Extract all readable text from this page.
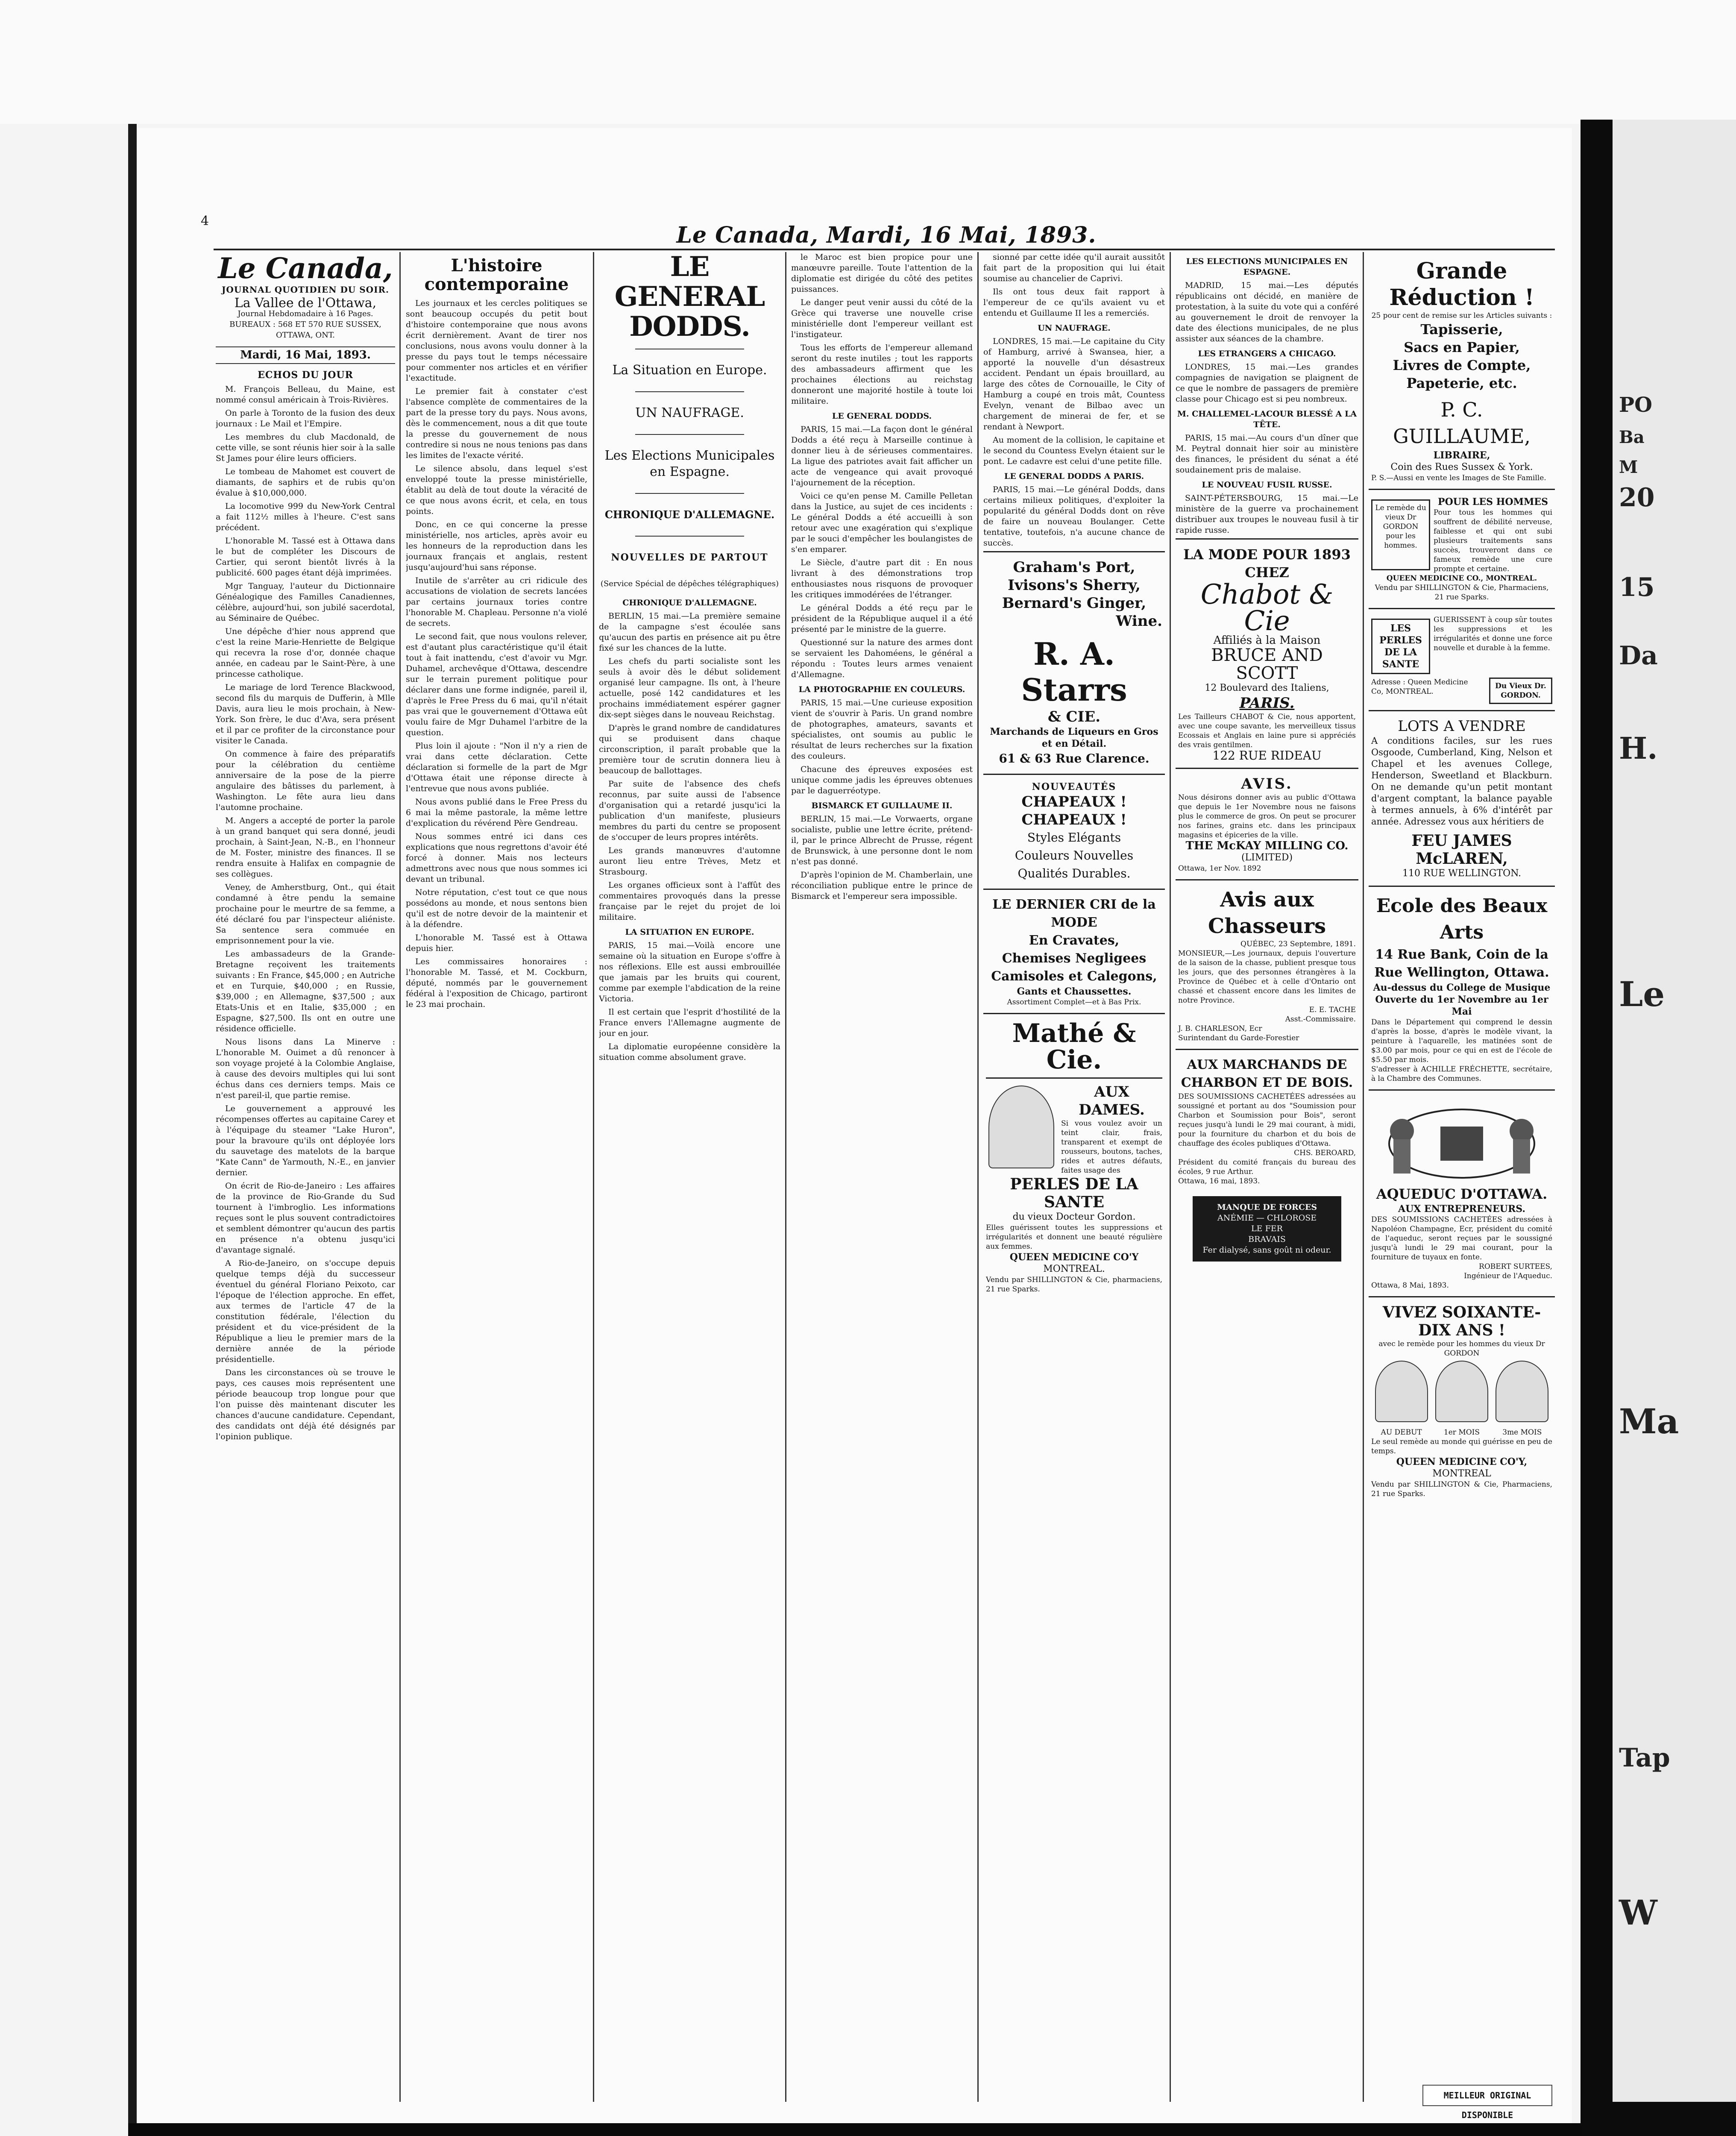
PO
Ba
M
20
15
Da
H.
Le
Ma
Tap
W
4
Le Canada, Mardi, 16 Mai, 1893.
Le Canada,
JOURNAL QUOTIDIEN DU SOIR.
La Vallee de l'Ottawa,
Journal Hebdomadaire à 16 Pages.
BUREAUX : 568 ET 570 RUE SUSSEX,
OTTAWA, ONT.
Mardi, 16 Mai, 1893.
ECHOS DU JOUR

M. François Belleau, du Maine, est nommé consul américain à Trois-Rivières.

On parle à Toronto de la fusion des deux journaux : Le Mail et l'Empire.

Les membres du club Macdonald, de cette ville, se sont réunis hier soir à la salle St James pour élire leurs officiers.

Le tombeau de Mahomet est couvert de diamants, de saphirs et de rubis qu'on évalue à $10,000,000.

La locomotive 999 du New-York Central a fait 112½ milles à l'heure. C'est sans précédent.

L'honorable M. Tassé est à Ottawa dans le but de compléter les Discours de Cartier, qui seront bientôt livrés à la publicité. 600 pages étant déjà imprimées.

Mgr Tanguay, l'auteur du Dictionnaire Généalogique des Familles Canadiennes, célèbre, aujourd'hui, son jubilé sacerdotal, au Séminaire de Québec.

Une dépêche d'hier nous apprend que c'est la reine Marie-Henriette de Belgique qui recevra la rose d'or, donnée chaque année, en cadeau par le Saint-Père, à une princesse catholique.

Le mariage de lord Terence Blackwood, second fils du marquis de Dufferin, à Mlle Davis, aura lieu le mois prochain, à New-York. Son frère, le duc d'Ava, sera présent et il par ce profiter de la circonstance pour visiter le Canada.

On commence à faire des préparatifs pour la célébration du centième anniversaire de la pose de la pierre angulaire des bâtisses du parlement, à Washington. Le fête aura lieu dans l'automne prochaine.

M. Angers a accepté de porter la parole à un grand banquet qui sera donné, jeudi prochain, à Saint-Jean, N.-B., en l'honneur de M. Foster, ministre des finances. Il se rendra ensuite à Halifax en compagnie de ses collègues.

Veney, de Amherstburg, Ont., qui était condamné à être pendu la semaine prochaine pour le meurtre de sa femme, a été déclaré fou par l'inspecteur aliéniste. Sa sentence sera commuée en emprisonnement pour la vie.

Les ambassadeurs de la Grande-Bretagne reçoivent les traitements suivants : En France, $45,000 ; en Autriche et en Turquie, $40,000 ; en Russie, $39,000 ; en Allemagne, $37,500 ; aux Etats-Unis et en Italie, $35,000 ; en Espagne, $27,500. Ils ont en outre une résidence officielle.

Nous lisons dans La Minerve : L'honorable M. Ouimet a dû renoncer à son voyage projeté à la Colombie Anglaise, à cause des devoirs multiples qui lui sont échus dans ces derniers temps. Mais ce n'est pareil-il, que partie remise.

Le gouvernement a approuvé les récompenses offertes au capitaine Carey et à l'équipage du steamer "Lake Huron", pour la bravoure qu'ils ont déployée lors du sauvetage des matelots de la barque "Kate Cann" de Yarmouth, N.-E., en janvier dernier.

On écrit de Rio-de-Janeiro : Les affaires de la province de Rio-Grande du Sud tournent à l'imbroglio. Les informations reçues sont le plus souvent contradictoires et semblent démontrer qu'aucun des partis en présence n'a obtenu jusqu'ici d'avantage signalé.

A Rio-de-Janeiro, on s'occupe depuis quelque temps déjà du successeur éventuel du général Floriano Peixoto, car l'époque de l'élection approche. En effet, aux termes de l'article 47 de la constitution fédérale, l'élection du président et du vice-président de la République a lieu le premier mars de la dernière année de la période présidentielle.

Dans les circonstances où se trouve le pays, ces causes mois représentent une période beaucoup trop longue pour que l'on puisse dès maintenant discuter les chances d'aucune candidature. Cependant, des candidats ont déjà été désignés par l'opinion publique.

L'histoire contemporaine

Les journaux et les cercles politiques se sont beaucoup occupés du petit bout d'histoire contemporaine que nous avons écrit dernièrement. Avant de tirer nos conclusions, nous avons voulu donner à la presse du pays tout le temps nécessaire pour commenter nos articles et en vérifier l'exactitude.

Le premier fait à constater c'est l'absence complète de commentaires de la part de la presse tory du pays. Nous avons, dès le commencement, nous a dit que toute la presse du gouvernement de nous contredire si nous ne nous tenions pas dans les limites de l'exacte vérité.

Le silence absolu, dans lequel s'est enveloppé toute la presse ministérielle, établit au delà de tout doute la véracité de ce que nous avons écrit, et cela, en tous points.

Donc, en ce qui concerne la presse ministérielle, nos articles, après avoir eu les honneurs de la reproduction dans les journaux français et anglais, restent jusqu'aujourd'hui sans réponse.

Inutile de s'arrêter au cri ridicule des accusations de violation de secrets lancées par certains journaux tories contre l'honorable M. Chapleau. Personne n'a violé de secrets.

Le second fait, que nous voulons relever, est d'autant plus caractéristique qu'il était tout à fait inattendu, c'est d'avoir vu Mgr. Duhamel, archevêque d'Ottawa, descendre sur le terrain purement politique pour déclarer dans une forme indignée, pareil il, d'après le Free Press du 6 mai, qu'il n'était pas vrai que le gouvernement d'Ottawa eût voulu faire de Mgr Duhamel l'arbitre de la question.

Plus loin il ajoute : "Non il n'y a rien de vrai dans cette déclaration. Cette déclaration si formelle de la part de Mgr d'Ottawa était une réponse directe à l'entrevue que nous avons publiée.

Nous avons publié dans le Free Press du 6 mai la même pastorale, la même lettre d'explication du révérend Père Gendreau.

Nous sommes entré ici dans ces explications que nous regrettons d'avoir été forcé à donner. Mais nos lecteurs admettrons avec nous que nous sommes ici devant un tribunal.

Notre réputation, c'est tout ce que nous possédons au monde, et nous sentons bien qu'il est de notre devoir de la maintenir et à la défendre.

L'honorable M. Tassé est à Ottawa depuis hier.

Les commissaires honoraires : l'honorable M. Tassé, et M. Cockburn, député, nommés par le gouvernement fédéral à l'exposition de Chicago, partiront le 23 mai prochain.

LE GENERAL DODDS.
La Situation en Europe.
UN NAUFRAGE.
Les Elections Municipales en Espagne.
CHRONIQUE D'ALLEMAGNE.
NOUVELLES DE PARTOUT
(Service Spécial de dépêches télégraphiques)
CHRONIQUE D'ALLEMAGNE.

BERLIN, 15 mai.—La première semaine de la campagne s'est écoulée sans qu'aucun des partis en présence ait pu être fixé sur les chances de la lutte.

Les chefs du parti socialiste sont les seuls à avoir dès le début solidement organisé leur campagne. Ils ont, à l'heure actuelle, posé 142 candidatures et les prochains immédiatement espérer gagner dix-sept sièges dans le nouveau Reichstag.

D'après le grand nombre de candidatures qui se produisent dans chaque circonscription, il paraît probable que la première tour de scrutin donnera lieu à beaucoup de ballottages.

Par suite de l'absence des chefs reconnus, par suite aussi de l'absence d'organisation qui a retardé jusqu'ici la publication d'un manifeste, plusieurs membres du parti du centre se proposent de s'occuper de leurs propres intérêts.

Les grands manœuvres d'automne auront lieu entre Trèves, Metz et Strasbourg.

Les organes officieux sont à l'affût des commentaires provoqués dans la presse française par le rejet du projet de loi militaire.

LA SITUATION EN EUROPE.

PARIS, 15 mai.—Voilà encore une semaine où la situation en Europe s'offre à nos réflexions. Elle est aussi embrouillée que jamais par les bruits qui courent, comme par exemple l'abdication de la reine Victoria.

Il est certain que l'esprit d'hostilité de la France envers l'Allemagne augmente de jour en jour.

La diplomatie européenne considère la situation comme absolument grave.

le Maroc est bien propice pour une manœuvre pareille. Toute l'attention de la diplomatie est dirigée du côté des petites puissances.

Le danger peut venir aussi du côté de la Grèce qui traverse une nouvelle crise ministérielle dont l'empereur veillant est l'instigateur.

Tous les efforts de l'empereur allemand seront du reste inutiles ; tout les rapports des ambassadeurs affirment que les prochaines élections au reichstag donneront une majorité hostile à toute loi militaire.

LE GENERAL DODDS.

PARIS, 15 mai.—La façon dont le général Dodds a été reçu à Marseille continue à donner lieu à de sérieuses commentaires. La ligue des patriotes avait fait afficher un acte de vengeance qui avait provoqué l'ajournement de la réception.

Voici ce qu'en pense M. Camille Pelletan dans la Justice, au sujet de ces incidents : Le général Dodds a été accueilli à son retour avec une exagération qui s'explique par le souci d'empêcher les boulangistes de s'en emparer.

Le Siècle, d'autre part dit : En nous livrant à des démonstrations trop enthousiastes nous risquons de provoquer les critiques immodérées de l'étranger.

Le général Dodds a été reçu par le président de la République auquel il a été présenté par le ministre de la guerre.

Questionné sur la nature des armes dont se servaient les Dahoméens, le général a répondu : Toutes leurs armes venaient d'Allemagne.

LA PHOTOGRAPHIE EN COULEURS.

PARIS, 15 mai.—Une curieuse exposition vient de s'ouvrir à Paris. Un grand nombre de photographes, amateurs, savants et spécialistes, ont soumis au public le résultat de leurs recherches sur la fixation des couleurs.

Chacune des épreuves exposées est unique comme jadis les épreuves obtenues par le daguerréotype.

BISMARCK ET GUILLAUME II.

BERLIN, 15 mai.—Le Vorwaerts, organe socialiste, publie une lettre écrite, prétend-il, par le prince Albrecht de Prusse, régent de Brunswick, à une personne dont le nom n'est pas donné.

D'après l'opinion de M. Chamberlain, une réconciliation publique entre le prince de Bismarck et l'empereur sera impossible.

sionné par cette idée qu'il aurait aussitôt fait part de la proposition qui lui était soumise au chancelier de Caprivi.

Ils ont tous deux fait rapport à l'empereur de ce qu'ils avaient vu et entendu et Guillaume II les a remerciés.

UN NAUFRAGE.

LONDRES, 15 mai.—Le capitaine du City of Hamburg, arrivé à Swansea, hier, a apporté la nouvelle d'un désastreux accident. Pendant un épais brouillard, au large des côtes de Cornouaille, le City of Hamburg a coupé en trois mât, Countess Evelyn, venant de Bilbao avec un chargement de minerai de fer, et se rendant à Newport.

Au moment de la collision, le capitaine et le second du Countess Evelyn étaient sur le pont. Le cadavre est celui d'une petite fille.

LE GENERAL DODDS A PARIS.

PARIS, 15 mai.—Le général Dodds, dans certains milieux politiques, d'exploiter la popularité du général Dodds dont on rêve de faire un nouveau Boulanger. Cette tentative, toutefois, n'a aucune chance de succès.

Graham's Port,
Ivisons's Sherry,
Bernard's Ginger,
Wine.
R. A. Starrs
& CIE.
Marchands de Liqueurs en Gros et en Détail.
61 & 63 Rue Clarence.
NOUVEAUTÉS
CHAPEAUX ! CHAPEAUX !
Styles Elégants
Couleurs Nouvelles
Qualités Durables.
LE DERNIER CRI de la MODE
En Cravates,
Chemises Negligees
Camisoles et Calegons,
Gants et Chaussettes.
Assortiment Complet—et à Bas Prix.
Mathé & Cie.
AUX DAMES.
Si vous voulez avoir un teint clair, frais, transparent et exempt de rousseurs, boutons, taches, rides et autres défauts, faites usage des
PERLES DE LA SANTE
du vieux Docteur Gordon.
Elles guérissent toutes les suppressions et irrégularités et donnent une beauté régulière aux femmes.
QUEEN MEDICINE CO'Y
MONTREAL.
Vendu par SHILLINGTON & Cie, pharmaciens, 21 rue Sparks.
LES ELECTIONS MUNICIPALES EN ESPAGNE.

MADRID, 15 mai.—Les députés républicains ont décidé, en manière de protestation, à la suite du vote qui a conféré au gouvernement le droit de renvoyer la date des élections municipales, de ne plus assister aux séances de la chambre.

LES ETRANGERS A CHICAGO.

LONDRES, 15 mai.—Les grandes compagnies de navigation se plaignent de ce que le nombre de passagers de première classe pour Chicago est si peu nombreux.

M. CHALLEMEL-LACOUR BLESSÉ A LA TÊTE.

PARIS, 15 mai.—Au cours d'un dîner que M. Peytral donnait hier soir au ministère des finances, le président du sénat a été soudainement pris de malaise.

LE NOUVEAU FUSIL RUSSE.

SAINT-PÉTERSBOURG, 15 mai.—Le ministère de la guerre va prochainement distribuer aux troupes le nouveau fusil à tir rapide russe.

LA MODE POUR 1893 CHEZ
Chabot & Cie
Affiliés à la Maison
BRUCE AND SCOTT
12 Boulevard des Italiens,
PARIS.
Les Tailleurs CHABOT & Cie, nous apportent, avec une coupe savante, les merveilleux tissus Ecossais et Anglais en laine pure si appréciés des vrais gentilmen.
122 RUE RIDEAU
AVIS.
Nous désirons donner avis au public d'Ottawa que depuis le 1er Novembre nous ne faisons plus le commerce de gros. On peut se procurer nos farines, grains etc. dans les principaux magasins et épiceries de la ville.
THE McKAY MILLING CO.
(LIMITED)
Ottawa, 1er Nov. 1892
Avis aux Chasseurs
QUÉBEC, 23 Septembre, 1891.
MONSIEUR,—Les journaux, depuis l'ouverture de la saison de la chasse, publient presque tous les jours, que des personnes étrangères à la Province de Québec et à celle d'Ontario ont chassé et chassent encore dans les limites de notre Province.
E. E. TACHE
Asst.-Commissaire.
J. B. CHARLESON, Ecr
Surintendant du Garde-Forestier
AUX MARCHANDS DE CHARBON ET DE BOIS.
DES SOUMISSIONS CACHETÉES adressées au soussigné et portant au dos "Soumission pour Charbon et Soumission pour Bois", seront reçues jusqu'à lundi le 29 mai courant, à midi, pour la fourniture du charbon et du bois de chauffage des écoles publiques d'Ottawa.
CHS. BEROARD,
Président du comité français du bureau des écoles, 9 rue Arthur.
Ottawa, 16 mai, 1893.
MANQUE DE FORCES
ANÉMIE — CHLOROSE
LE FER
BRAVAIS
Fer dialysé, sans goût ni odeur.
Grande Réduction !
25 pour cent de remise sur les Articles suivants :
Tapisserie,
Sacs en Papier,
Livres de Compte,
Papeterie, etc.
P. C. GUILLAUME,
LIBRAIRE,
Coin des Rues Sussex & York.
P. S.—Aussi en vente les Images de Ste Famille.
Le remède du vieux Dr GORDON pour les hommes.
POUR LES HOMMES
Pour tous les hommes qui souffrent de débilité nerveuse, faiblesse et qui ont subi plusieurs traitements sans succès, trouveront dans ce fameux remède une cure prompte et certaine.
QUEEN MEDICINE CO., MONTREAL.
Vendu par SHILLINGTON & Cie, Pharmaciens, 21 rue Sparks.
LES PERLES DE LA SANTE
GUERISSENT à coup sûr toutes les suppressions et les irrégularités et donne une force nouvelle et durable à la femme.
Adresse : Queen Medicine Co, MONTREAL.
Du Vieux Dr. GORDON.
LOTS A VENDRE
A conditions faciles, sur les rues Osgoode, Cumberland, King, Nelson et Chapel et les avenues College, Henderson, Sweetland et Blackburn. On ne demande qu'un petit montant d'argent comptant, la balance payable à termes annuels, à 6% d'intérêt par année. Adressez vous aux héritiers de
FEU JAMES McLAREN,
110 RUE WELLINGTON.
Ecole des Beaux Arts
14 Rue Bank, Coin de la Rue Wellington, Ottawa.
Au-dessus du College de Musique
Ouverte du 1er Novembre au 1er Mai
Dans le Département qui comprend le dessin d'après la bosse, d'après le modèle vivant, la peinture à l'aquarelle, les matinées sont de $3.00 par mois, pour ce qui en est de l'école de $5.50 par mois.
S'adresser à ACHILLE FRÉCHETTE, secrétaire, à la Chambre des Communes.
AQUEDUC D'OTTAWA.
AUX ENTREPRENEURS.
DES SOUMISSIONS CACHETÉES adressées à Napoléon Champagne, Ecr, président du comité de l'aqueduc, seront reçues par le soussigné jusqu'à lundi le 29 mai courant, pour la fourniture de tuyaux en fonte.
ROBERT SURTEES,
Ingénieur de l'Aqueduc.
Ottawa, 8 Mai, 1893.
VIVEZ SOIXANTE-DIX ANS !
avec le remède pour les hommes du vieux Dr GORDON
AU DEBUT	1er MOIS	3me MOIS
Le seul remède au monde qui guérisse en peu de temps.
QUEEN MEDICINE CO'Y,
MONTREAL
Vendu par SHILLINGTON & Cie, Pharmaciens, 21 rue Sparks.
MEILLEUR ORIGINAL DISPONIBLE
